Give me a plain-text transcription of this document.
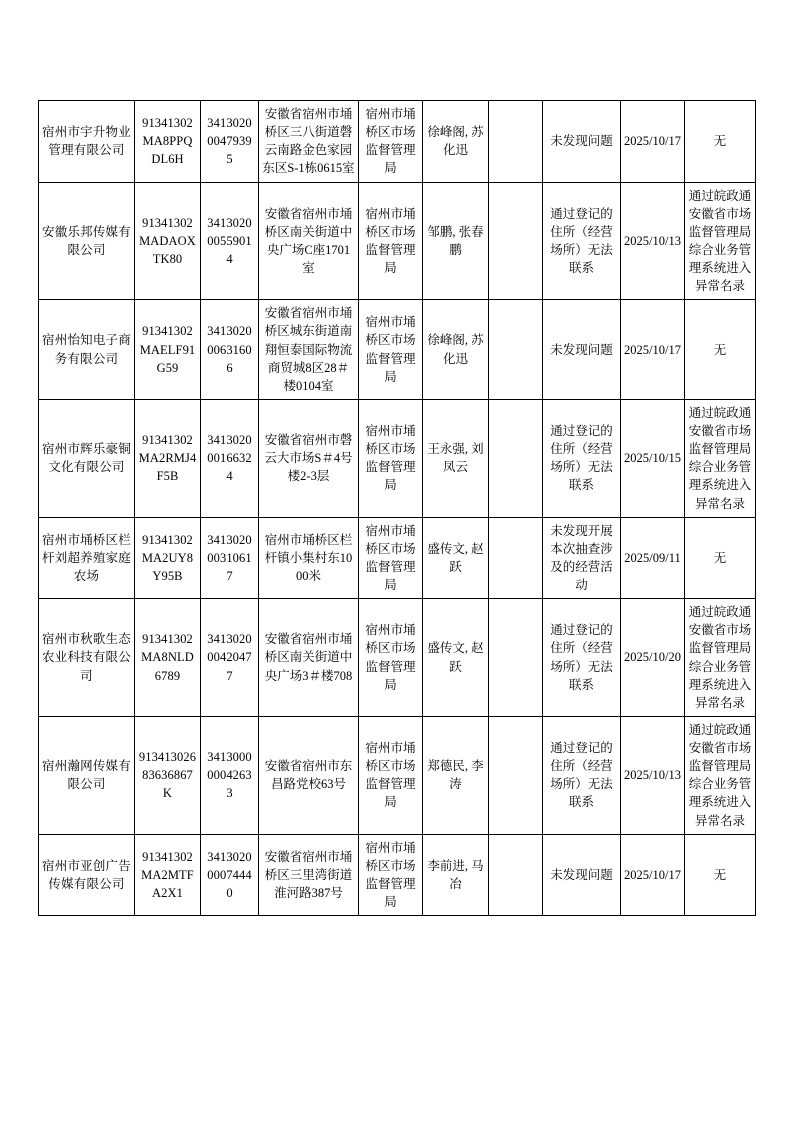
宿州市宇升物业管理有限公司	91341302MA8PPQDL6H	3413020 0047939 5	安徽省宿州市埇桥区三八街道磬云南路金色家园东区S-1栋0615室	宿州市埇桥区市场监督管理局	徐峰阁, 苏化迅		未发现问题	2025/10/17	无
安徽乐邦传媒有限公司	91341302MADAOXTK80	3413020 0055901 4	安徽省宿州市埇桥区南关街道中央广场C座1701室	宿州市埇桥区市场监督管理局	邹鹏, 张春鹏		通过登记的住所（经营场所）无法联系	2025/10/13	通过皖政通安徽省市场监督管理局综合业务管理系统进入异常名录
宿州怡知电子商务有限公司	91341302MAELF91G59	3413020 0063160 6	安徽省宿州市埇桥区城东街道南翔恒泰国际物流商贸城8区28＃楼0104室	宿州市埇桥区市场监督管理局	徐峰阁, 苏化迅		未发现问题	2025/10/17	无
宿州市辉乐豪铜文化有限公司	91341302MA2RMJ4F5B	3413020 0016632 4	安徽省宿州市磬云大市场S＃4号楼2-3层	宿州市埇桥区市场监督管理局	王永强, 刘凤云		通过登记的住所（经营场所）无法联系	2025/10/15	通过皖政通安徽省市场监督管理局综合业务管理系统进入异常名录
宿州市埇桥区栏杆刘超养殖家庭农场	91341302MA2UY8Y95B	3413020 0031061 7	宿州市埇桥区栏杆镇小集村东1000米	宿州市埇桥区市场监督管理局	盛传文, 赵跃		未发现开展本次抽查涉及的经营活动	2025/09/11	无
宿州市秋歌生态农业科技有限公司	91341302MA8NLD6789	3413020 0042047 7	安徽省宿州市埇桥区南关街道中央广场3＃楼708	宿州市埇桥区市场监督管理局	盛传文, 赵跃		通过登记的住所（经营场所）无法联系	2025/10/20	通过皖政通安徽省市场监督管理局综合业务管理系统进入异常名录
宿州瀚网传媒有限公司	91341302683636867K	3413000 0004263 3	安徽省宿州市东昌路党校63号	宿州市埇桥区市场监督管理局	郑德民, 李涛		通过登记的住所（经营场所）无法联系	2025/10/13	通过皖政通安徽省市场监督管理局综合业务管理系统进入异常名录
宿州市亚创广告传媒有限公司	91341302MA2MTFA2X1	3413020 0007444 0	安徽省宿州市埇桥区三里湾街道淮河路387号	宿州市埇桥区市场监督管理局	李前进, 马冶		未发现问题	2025/10/17	无
